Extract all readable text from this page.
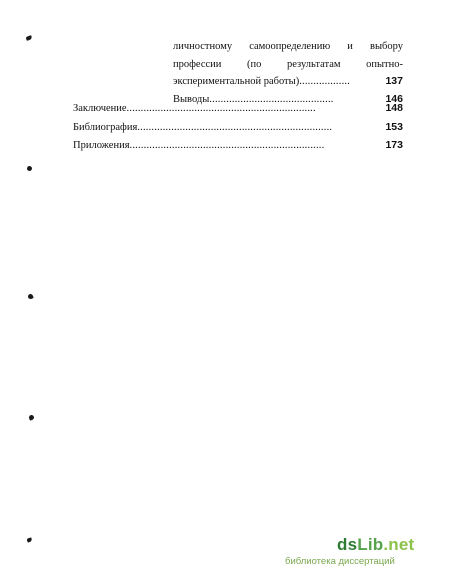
личностному самоопределению и выбору
профессии (по результатам опытно-
экспериментальной работы) ..................	137
Выводы ............................................	146
Заключение ...................................................................	148
Библиография .....................................................................	153
Приложения .....................................................................	173
dsLib.net
библиотека диссертаций
